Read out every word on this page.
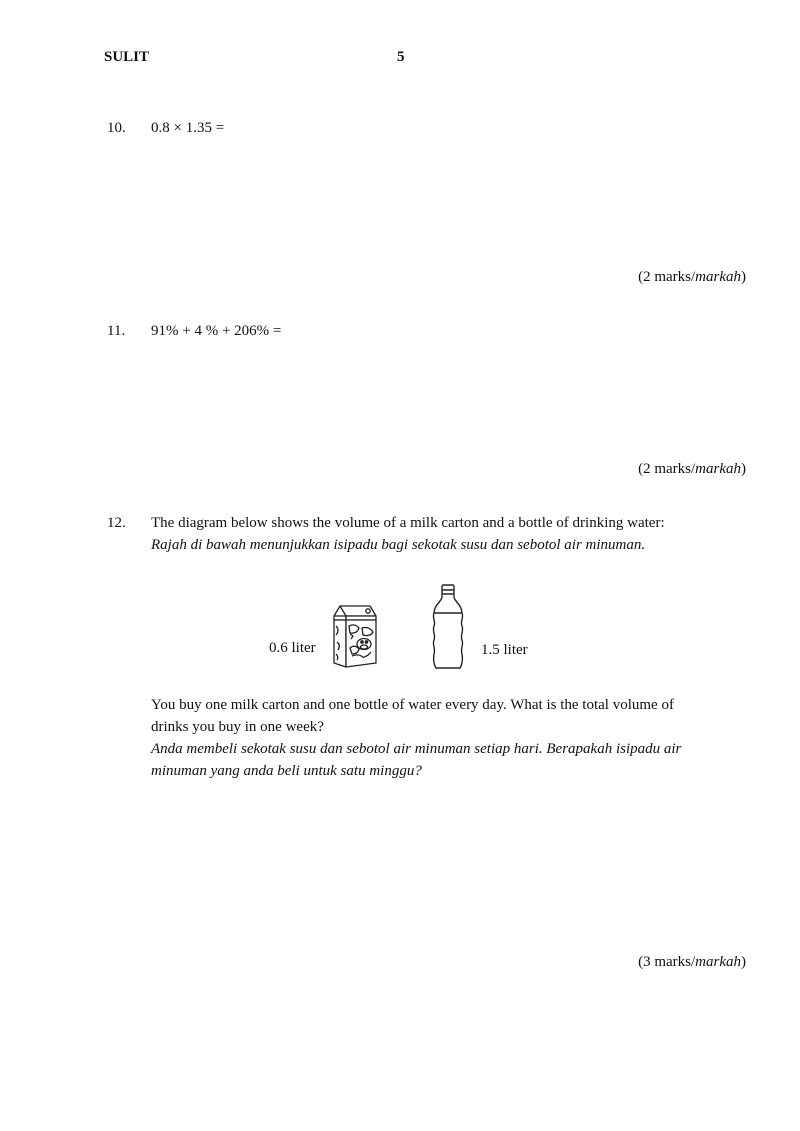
SULIT	5
10. 0.8 × 1.35 =
(2 marks/markah)
11. 91% + 4 % + 206% =
(2 marks/markah)
12. The diagram below shows the volume of a milk carton and a bottle of drinking water:
Rajah di bawah menunjukkan isipadu bagi sekotak susu dan sebotol air minuman.
0.6 liter	1.5 liter
You buy one milk carton and one bottle of water every day. What is the total volume of
drinks you buy in one week?
Anda membeli sekotak susu dan sebotol air minuman setiap hari. Berapakah isipadu air
minuman yang anda beli untuk satu minggu?
(3 marks/markah)
